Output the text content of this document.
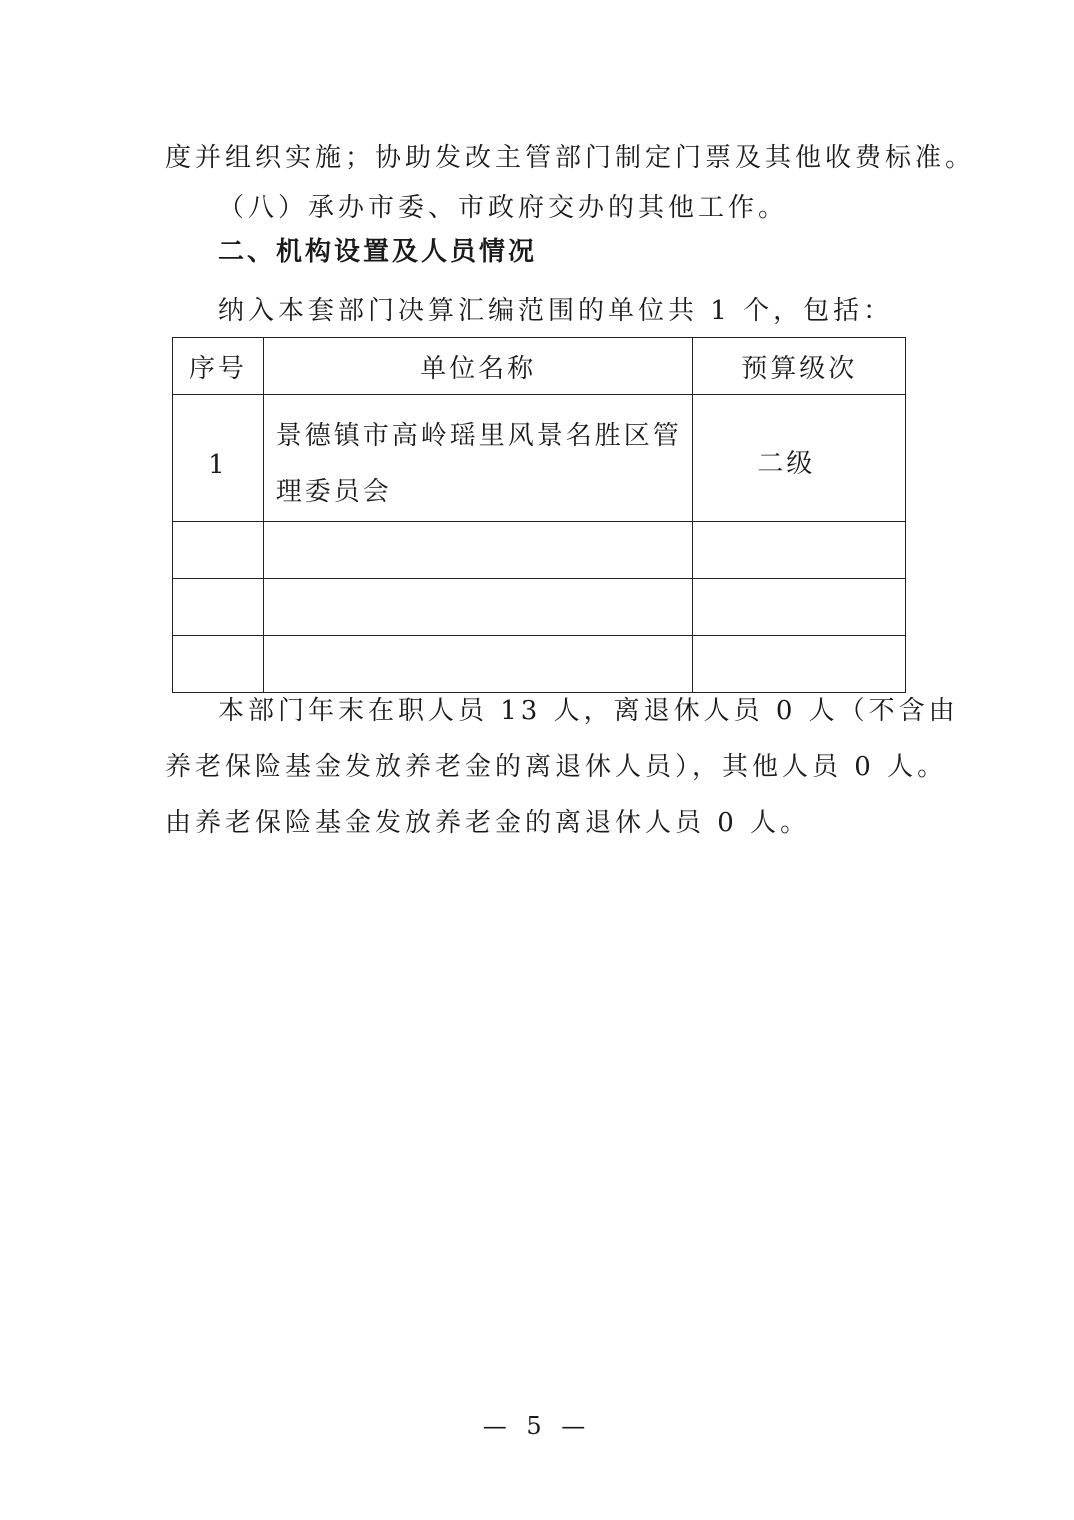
度并组织实施；协助发改主管部门制定门票及其他收费标准。
（八）承办市委、市政府交办的其他工作。
二、机构设置及人员情况
纳入本套部门决算汇编范围的单位共 1 个，包括：
序号	单位名称	预算级次
1	景德镇市高岭瑶里风景名胜区管理委员会	二级

本部门年末在职人员 13 人，离退休人员 0 人（不含由
养老保险基金发放养老金的离退休人员），其他人员 0 人。
由养老保险基金发放养老金的离退休人员 0 人。
— 5 —
